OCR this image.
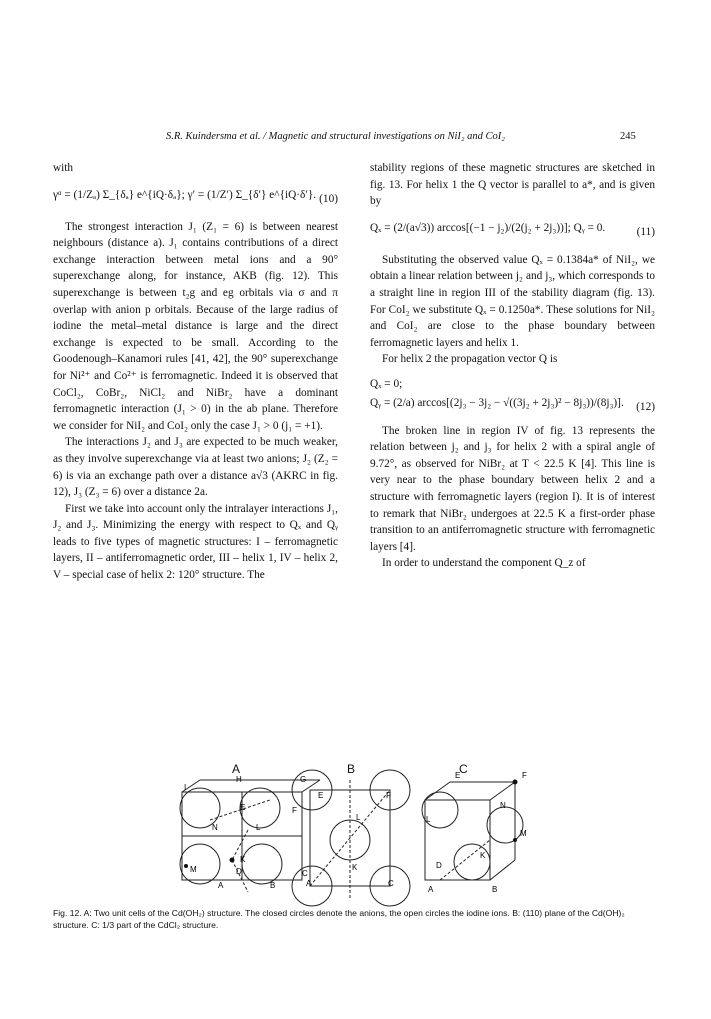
S.R. Kuindersma et al. / Magnetic and structural investigations on NiI₂ and CoI₂	245

with

γᵅ = (1/Zₐ) Σ_{δₐ} e^{iQ·δₐ}; γ′ = (1/Z′) Σ_{δ′} e^{iQ·δ′}. (10)

The strongest interaction J₁ (Z₁ = 6) is between nearest neighbours (distance a). J₁ contains contributions of a direct exchange interaction between metal ions and a 90° superexchange along, for instance, AKB (fig. 12). This superexchange is between t₂g and eg orbitals via σ and π overlap with anion p orbitals. Because of the large radius of iodine the metal–metal distance is large and the direct exchange is expected to be small. According to the Goodenough–Kanamori rules [41, 42], the 90° superexchange for Ni²⁺ and Co²⁺ is ferromagnetic. Indeed it is observed that CoCl₂, CoBr₂, NiCl₂ and NiBr₂ have a dominant ferromagnetic interaction (J₁ > 0) in the ab plane. Therefore we consider for NiI₂ and CoI₂ only the case J₁ > 0 (j₁ = +1).

The interactions J₂ and J₃ are expected to be much weaker, as they involve superexchange via at least two anions; J₂ (Z₂ = 6) is via an exchange path over a distance a√3 (AKRC in fig. 12), J₃ (Z₃ = 6) over a distance 2a.

First we take into account only the intralayer interactions J₁, J₂ and J₃. Minimizing the energy with respect to Qₓ and Qᵧ leads to five types of magnetic structures: I – ferromagnetic layers, II – antiferromagnetic order, III – helix 1, IV – helix 2, V – special case of helix 2: 120° structure. The

stability regions of these magnetic structures are sketched in fig. 13. For helix 1 the Q vector is parallel to a*, and is given by

Qₓ = (2/(a√3)) arccos[(−1 − j₂)/(2(j₂ + 2j₃))]; Qᵧ = 0.	(11)

Substituting the observed value Qₓ = 0.1384a* of NiI₂, we obtain a linear relation between j₂ and j₃, which corresponds to a straight line in region III of the stability diagram (fig. 13). For CoI₂ we substitute Qₓ = 0.1250a*. These solutions for NiI₂ and CoI₂ are close to the phase boundary between ferromagnetic layers and helix 1.

For helix 2 the propagation vector Q is

Qₓ = 0;

Qᵧ = (2/a) arccos[(2j₃ − 3j₂ − √((3j₂ + 2j₃)² − 8j₃))/(8j₃)]. (12)

The broken line in region IV of fig. 13 represents the relation between j₂ and j₃ for helix 2 with a spiral angle of 9.72°, as observed for NiBr₂ at T < 22.5 K [4]. This line is very near to the phase boundary between helix 2 and a structure with ferromagnetic layers (region I). It is of interest to remark that NiBr₂ undergoes at 22.5 K a first-order phase transition to an antiferromagnetic structure with ferromagnetic layers [4].

In order to understand the component Q_z of

A	B	C
I
H	G
E	F
N	L
M
K
D
A	B
C
E	F
L
K
A	C
E	F
N
L
M
K
D
A	B
Fig. 12. A: Two unit cells of the Cd(OH₂) structure. The closed circles denote the anions, the open circles the iodine ions. B: (110) plane of the Cd(OH)₂ structure. C: 1/3 part of the CdCl₂ structure.
